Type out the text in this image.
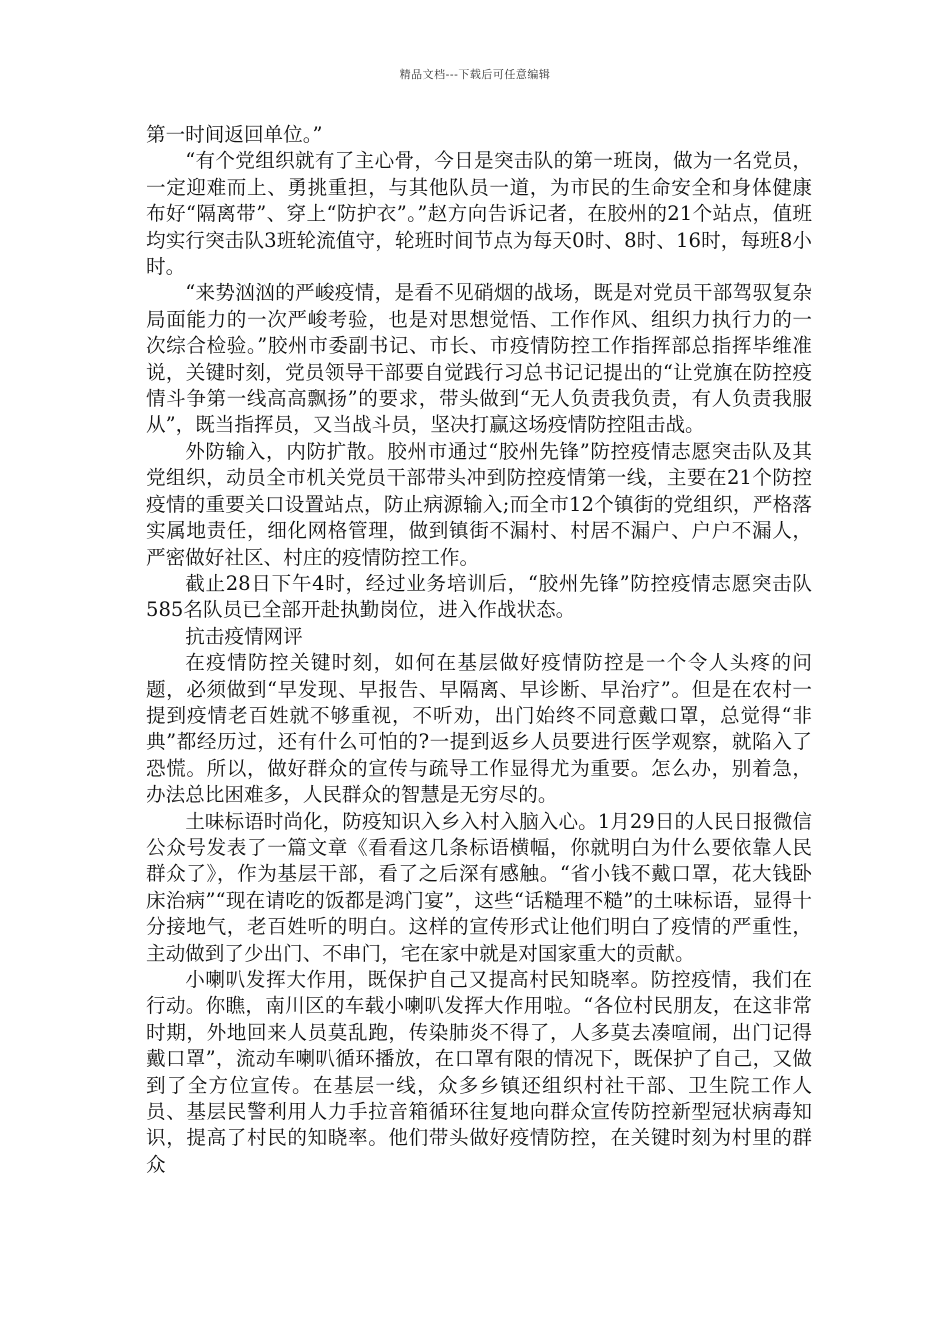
精品文档---下载后可任意编辑

第一时间返回单位。”

“有个党组织就有了主心骨，今日是突击队的第一班岗，做为一名党员，一定迎难而上、勇挑重担，与其他队员一道，为市民的生命安全和身体健康布好“隔离带”、穿上“防护衣”。”赵方向告诉记者，在胶州的21个站点，值班均实行突击队3班轮流值守，轮班时间节点为每天0时、8时、16时，每班8小时。

“来势汹汹的严峻疫情，是看不见硝烟的战场，既是对党员干部驾驭复杂局面能力的一次严峻考验，也是对思想觉悟、工作作风、组织力执行力的一次综合检验。”胶州市委副书记、市长、市疫情防控工作指挥部总指挥毕维准说，关键时刻，党员领导干部要自觉践行习总书记记提出的“让党旗在防控疫情斗争第一线高高飘扬”的要求，带头做到“无人负责我负责，有人负责我服从”，既当指挥员，又当战斗员，坚决打赢这场疫情防控阻击战。

外防输入，内防扩散。胶州市通过“胶州先锋”防控疫情志愿突击队及其党组织，动员全市机关党员干部带头冲到防控疫情第一线，主要在21个防控疫情的重要关口设置站点，防止病源输入;而全市12个镇街的党组织，严格落实属地责任，细化网格管理，做到镇街不漏村、村居不漏户、户户不漏人，严密做好社区、村庄的疫情防控工作。

截止28日下午4时，经过业务培训后，“胶州先锋”防控疫情志愿突击队585名队员已全部开赴执勤岗位，进入作战状态。

抗击疫情网评

在疫情防控关键时刻，如何在基层做好疫情防控是一个令人头疼的问题，必须做到“早发现、早报告、早隔离、早诊断、早治疗”。但是在农村一提到疫情老百姓就不够重视，不听劝，出门始终不同意戴口罩，总觉得“非典”都经历过，还有什么可怕的?一提到返乡人员要进行医学观察，就陷入了恐慌。所以，做好群众的宣传与疏导工作显得尤为重要。怎么办，别着急，办法总比困难多，人民群众的智慧是无穷尽的。

土味标语时尚化，防疫知识入乡入村入脑入心。1月29日的人民日报微信公众号发表了一篇文章《看看这几条标语横幅，你就明白为什么要依靠人民群众了》，作为基层干部，看了之后深有感触。“省小钱不戴口罩，花大钱卧床治病”“现在请吃的饭都是鸿门宴”，这些“话糙理不糙”的土味标语，显得十分接地气，老百姓听的明白。这样的宣传形式让他们明白了疫情的严重性，主动做到了少出门、不串门，宅在家中就是对国家重大的贡献。

小喇叭发挥大作用，既保护自己又提高村民知晓率。防控疫情，我们在行动。你瞧，南川区的车载小喇叭发挥大作用啦。“各位村民朋友，在这非常时期，外地回来人员莫乱跑，传染肺炎不得了，人多莫去凑喧闹，出门记得戴口罩”，流动车喇叭循环播放，在口罩有限的情况下，既保护了自己，又做到了全方位宣传。在基层一线，众多乡镇还组织村社干部、卫生院工作人员、基层民警利用人力手拉音箱循环往复地向群众宣传防控新型冠状病毒知识，提高了村民的知晓率。他们带头做好疫情防控，在关键时刻为村里的群众
